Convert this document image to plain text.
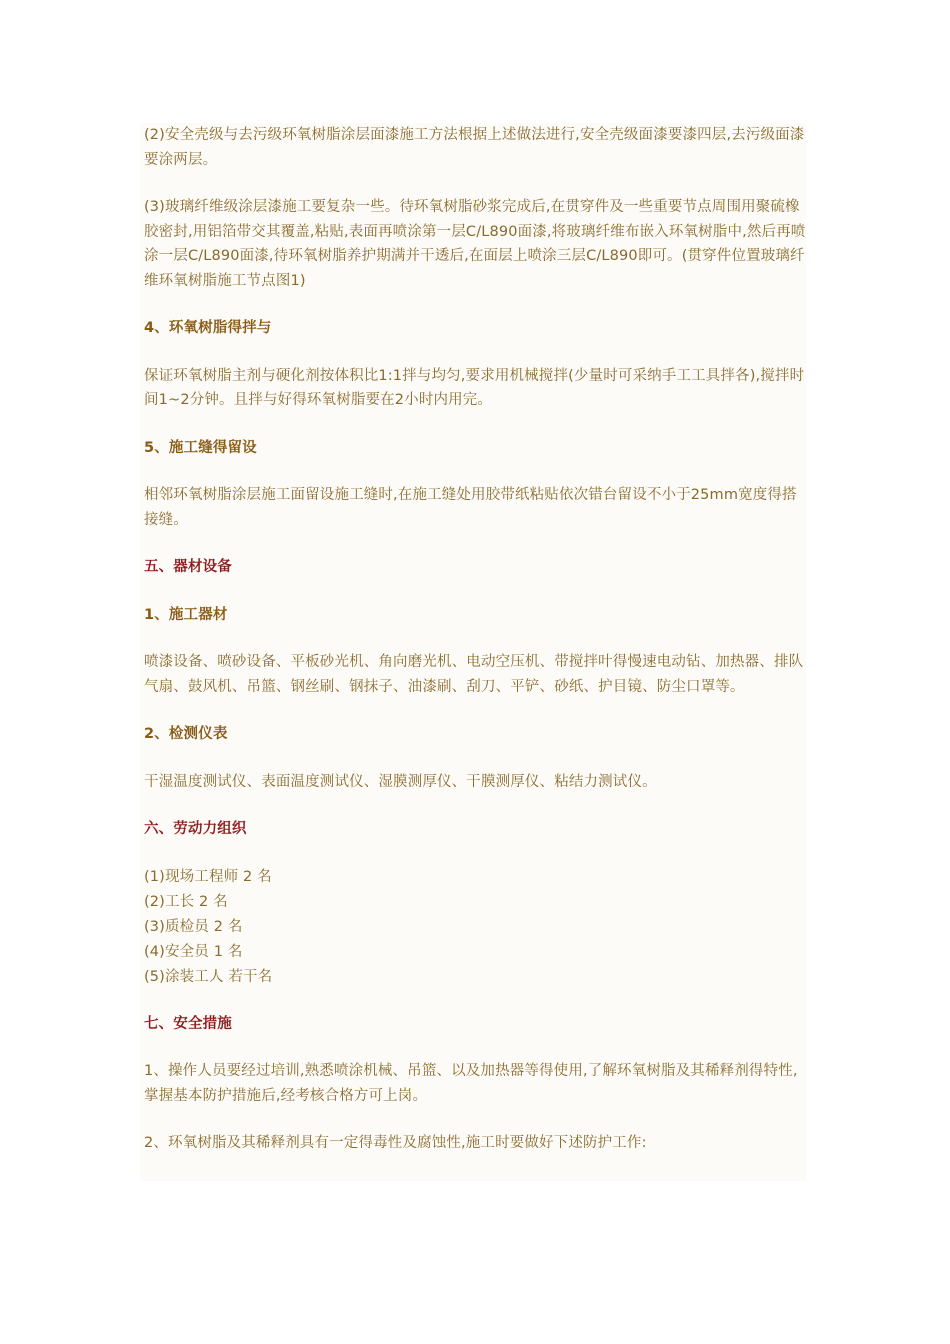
(2)安全壳级与去污级环氧树脂涂层面漆施工方法根据上述做法进行,安全壳级面漆要漆四层,去污级面漆要涂两层。

(3)玻璃纤维级涂层漆施工要复杂一些。待环氧树脂砂浆完成后,在贯穿件及一些重要节点周围用聚硫橡胶密封,用铝箔带交其覆盖,粘贴,表面再喷涂第一层C/L890面漆,将玻璃纤维布嵌入环氧树脂中,然后再喷涂一层C/L890面漆,待环氧树脂养护期满并干透后,在面层上喷涂三层C/L890即可。(贯穿件位置玻璃纤维环氧树脂施工节点图1)

4、环氧树脂得拌与

保证环氧树脂主剂与硬化剂按体积比1:1拌与均匀,要求用机械搅拌(少量时可采纳手工工具拌各),搅拌时间1~2分钟。且拌与好得环氧树脂要在2小时内用完。

5、施工缝得留设

相邻环氧树脂涂层施工面留设施工缝时,在施工缝处用胶带纸粘贴依次错台留设不小于25mm宽度得搭接缝。

五、器材设备

1、施工器材

喷漆设备、喷砂设备、平板砂光机、角向磨光机、电动空压机、带搅拌叶得慢速电动钻、加热器、排队气扇、鼓风机、吊篮、钢丝刷、钢抹子、油漆刷、刮刀、平铲、砂纸、护目镜、防尘口罩等。

2、检测仪表

干湿温度测试仪、表面温度测试仪、湿膜测厚仪、干膜测厚仪、粘结力测试仪。

六、劳动力组织

(1)现场工程师 2 名

(2)工长 2 名

(3)质检员 2 名

(4)安全员 1 名

(5)涂装工人 若干名

七、安全措施

1、操作人员要经过培训,熟悉喷涂机械、吊篮、以及加热器等得使用,了解环氧树脂及其稀释剂得特性,掌握基本防护措施后,经考核合格方可上岗。

2、环氧树脂及其稀释剂具有一定得毒性及腐蚀性,施工时要做好下述防护工作:
